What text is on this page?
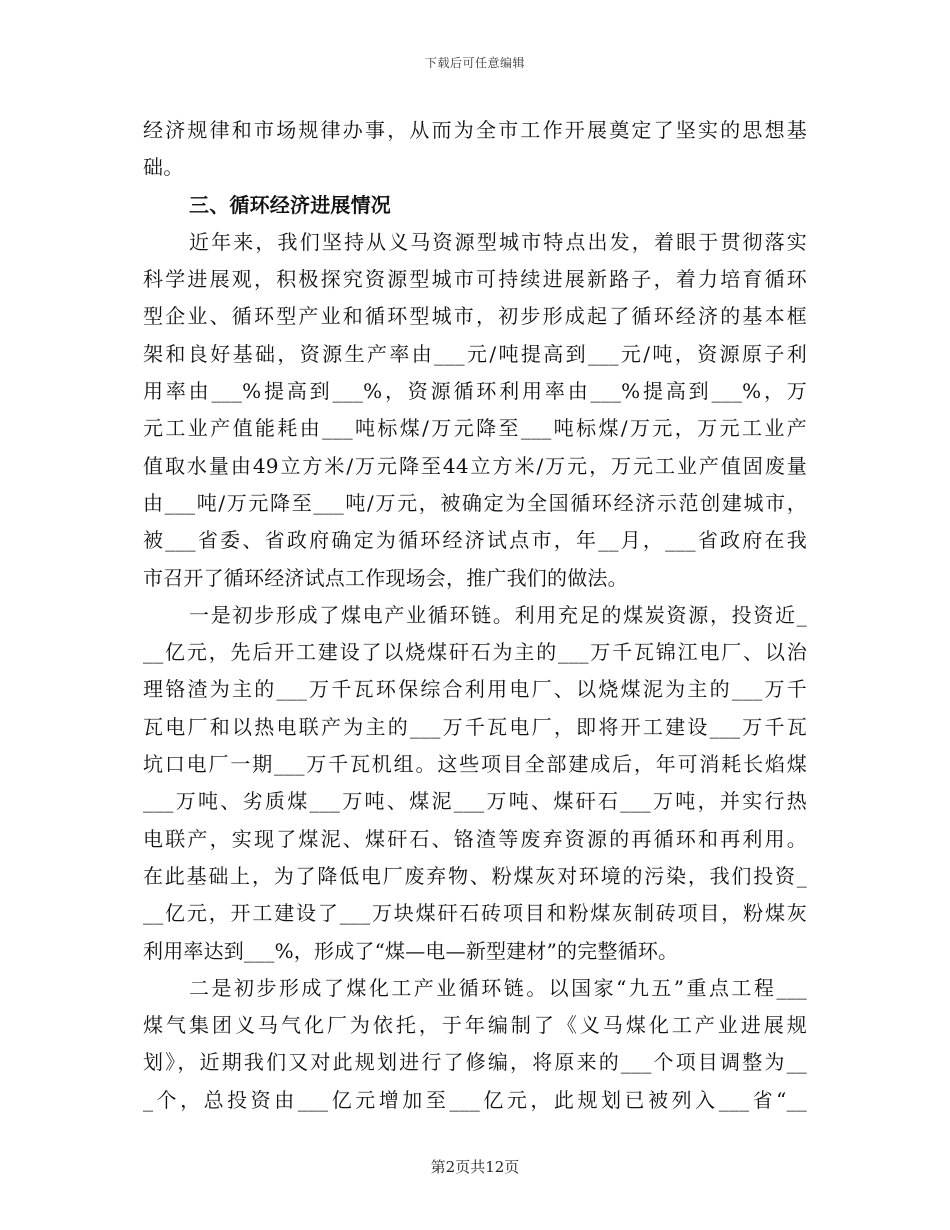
下载后可任意编辑
经济规律和市场规律办事，从而为全市工作开展奠定了坚实的思想基
础。
三、循环经济进展情况
近年来，我们坚持从义马资源型城市特点出发，着眼于贯彻落实
科学进展观，积极探究资源型城市可持续进展新路子，着力培育循环
型企业、循环型产业和循环型城市，初步形成起了循环经济的基本框
架和良好基础，资源生产率由___元/吨提高到___元/吨，资源原子利
用率由___%提高到___%，资源循环利用率由___%提高到___%，万
元工业产值能耗由___吨标煤/万元降至___吨标煤/万元，万元工业产
值取水量由49立方米/万元降至44立方米/万元，万元工业产值固废量
由___吨/万元降至___吨/万元，被确定为全国循环经济示范创建城市，
被___省委、省政府确定为循环经济试点市，年__月，___省政府在我
市召开了循环经济试点工作现场会，推广我们的做法。
一是初步形成了煤电产业循环链。利用充足的煤炭资源，投资近_
__亿元，先后开工建设了以烧煤矸石为主的___万千瓦锦江电厂、以治
理铬渣为主的___万千瓦环保综合利用电厂、以烧煤泥为主的___万千
瓦电厂和以热电联产为主的___万千瓦电厂，即将开工建设___万千瓦
坑口电厂一期___万千瓦机组。这些项目全部建成后，年可消耗长焰煤
___万吨、劣质煤___万吨、煤泥___万吨、煤矸石___万吨，并实行热
电联产，实现了煤泥、煤矸石、铬渣等废弃资源的再循环和再利用。
在此基础上，为了降低电厂废弃物、粉煤灰对环境的污染，我们投资_
__亿元，开工建设了___万块煤矸石砖项目和粉煤灰制砖项目，粉煤灰
利用率达到___%，形成了“煤—电—新型建材”的完整循环。
二是初步形成了煤化工产业循环链。以国家“九五”重点工程___
煤气集团义马气化厂为依托，于年编制了《义马煤化工产业进展规
划》，近期我们又对此规划进行了修编，将原来的___个项目调整为__
_个，总投资由___亿元增加至___亿元，此规划已被列入___省“__
第2页共12页
